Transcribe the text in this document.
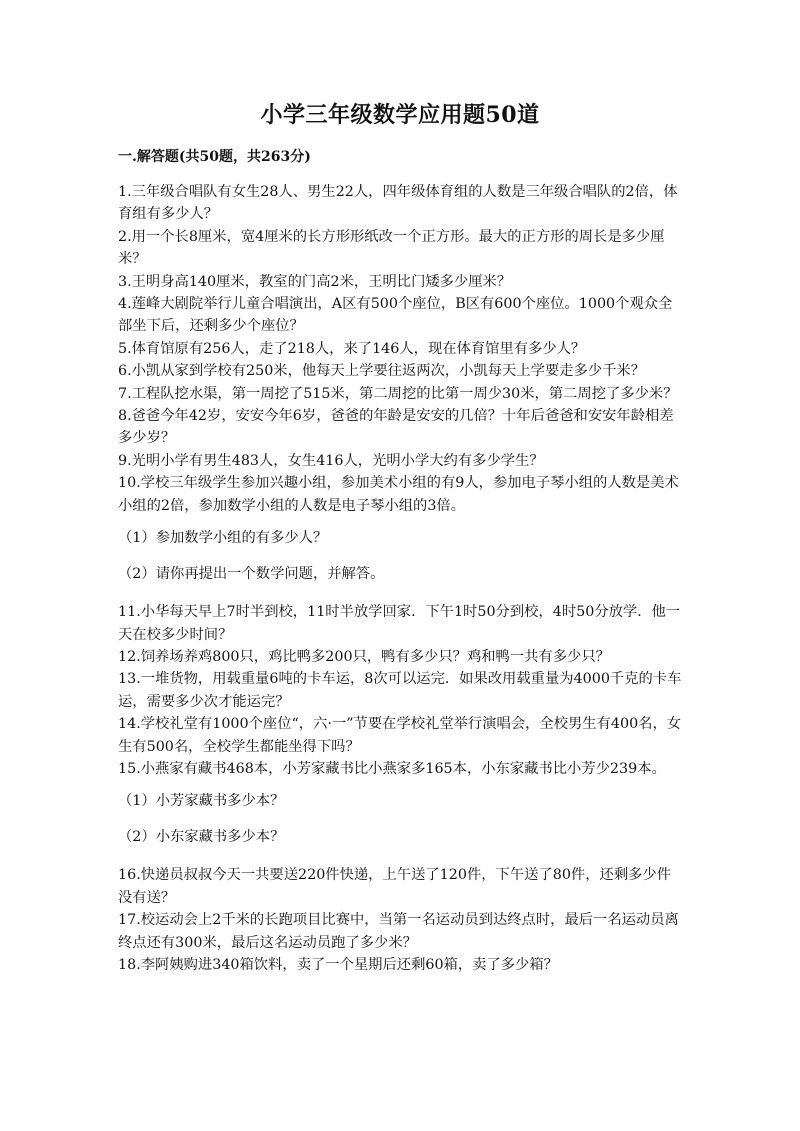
小学三年级数学应用题50道
一.解答题(共50题，共263分)

1.三年级合唱队有女生28人、男生22人，四年级体育组的人数是三年级合唱队的2倍，体育组有多少人？

2.用一个长8厘米，宽4厘米的长方形形纸改一个正方形。最大的正方形的周长是多少厘米？

3.王明身高140厘米，教室的门高2米，王明比门矮多少厘米？

4.莲峰大剧院举行儿童合唱演出，A区有500个座位，B区有600个座位。1000个观众全部坐下后，还剩多少个座位？

5.体育馆原有256人，走了218人，来了146人，现在体育馆里有多少人？

6.小凯从家到学校有250米，他每天上学要往返两次，小凯每天上学要走多少千米？

7.工程队挖水渠，第一周挖了515米，第二周挖的比第一周少30米，第二周挖了多少米？

8.爸爸今年42岁，安安今年6岁，爸爸的年龄是安安的几倍？十年后爸爸和安安年龄相差多少岁？

9.光明小学有男生483人，女生416人，光明小学大约有多少学生？

10.学校三年级学生参加兴趣小组，参加美术小组的有9人，参加电子琴小组的人数是美术小组的2倍，参加数学小组的人数是电子琴小组的3倍。

（1）参加数学小组的有多少人？

（2）请你再提出一个数学问题，并解答。

11.小华每天早上7时半到校，11时半放学回家．下午1时50分到校，4时50分放学．他一天在校多少时间？

12.饲养场养鸡800只，鸡比鸭多200只，鸭有多少只？鸡和鸭一共有多少只？

13.一堆货物，用载重量6吨的卡车运，8次可以运完．如果改用载重量为4000千克的卡车运，需要多少次才能运完？

14.学校礼堂有1000个座位“，六·一”节要在学校礼堂举行演唱会，全校男生有400名，女生有500名，全校学生都能坐得下吗？

15.小燕家有藏书468本，小芳家藏书比小燕家多165本，小东家藏书比小芳少239本。

（1）小芳家藏书多少本？

（2）小东家藏书多少本？

16.快递员叔叔今天一共要送220件快递，上午送了120件，下午送了80件，还剩多少件没有送？

17.校运动会上2千米的长跑项目比赛中，当第一名运动员到达终点时，最后一名运动员离终点还有300米，最后这名运动员跑了多少米？

18.李阿姨购进340箱饮料，卖了一个星期后还剩60箱，卖了多少箱？
